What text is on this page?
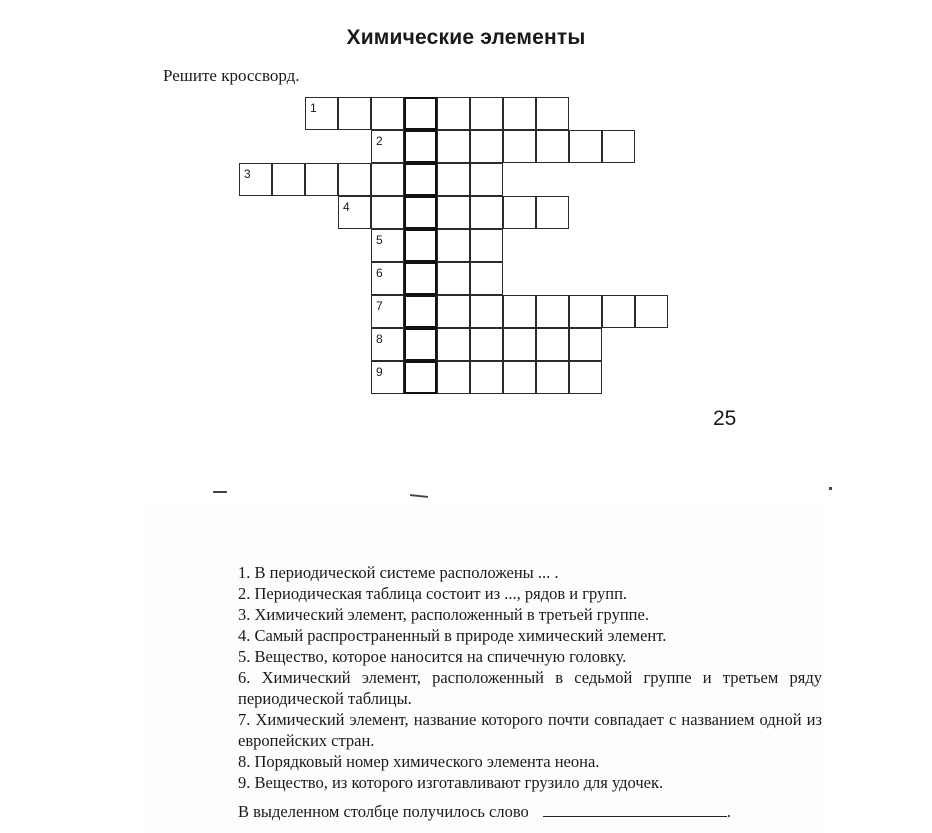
Химические элементы
Решите кроссворд.
1
2
3
4
5
6
7
8
9
25
1. В периодической системе расположены ... .
2. Периодическая таблица состоит из ..., рядов и групп.
3. Химический элемент, расположенный в третьей группе.
4. Самый распространенный в природе химический элемент.
5. Вещество, которое наносится на спичечную головку.
6. Химический элемент, расположенный в седьмой группе и третьем ряду периодической таблицы.
7. Химический элемент, название которого почти совпадает с названием одной из европейских стран.
8. Порядковый номер химического элемента неона.
9. Вещество, из которого изготавливают грузило для удочек.
В выделенном столбце получилось слово	.
